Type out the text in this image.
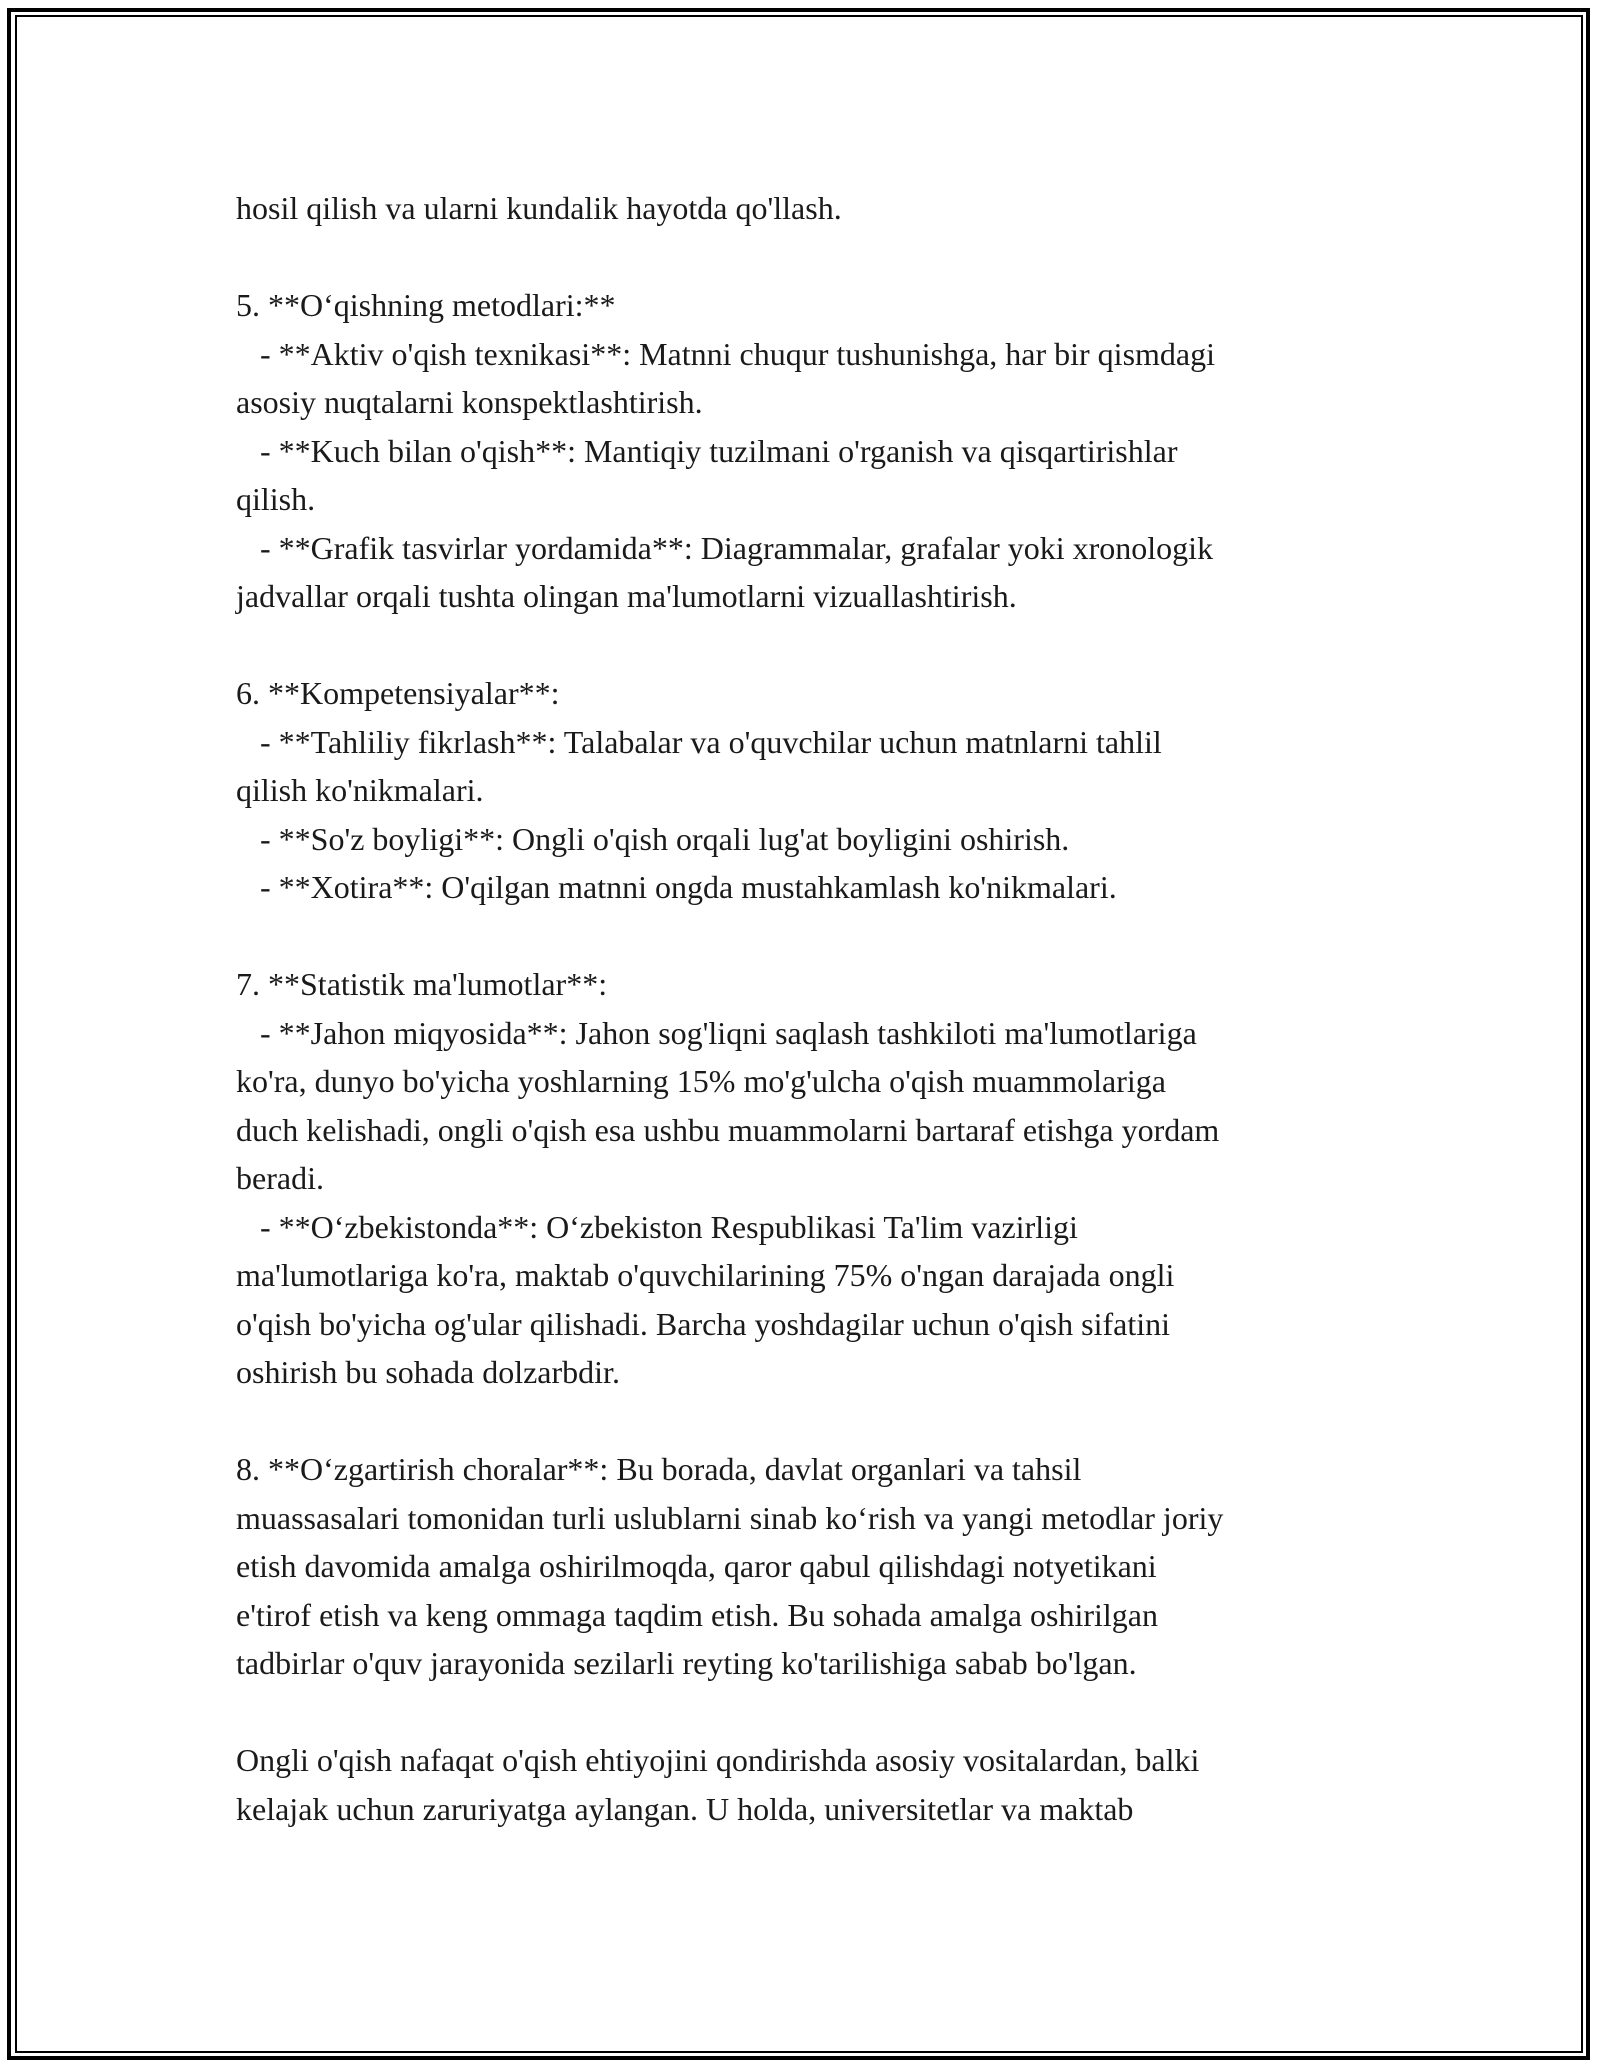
hosil qilish va ularni kundalik hayotda qo'llash.
5. **O‘qishning metodlari:**
- **Aktiv o'qish texnikasi**: Matnni chuqur tushunishga, har bir qismdagi
asosiy nuqtalarni konspektlashtirish.
- **Kuch bilan o'qish**: Mantiqiy tuzilmani o'rganish va qisqartirishlar
qilish.
- **Grafik tasvirlar yordamida**: Diagrammalar, grafalar yoki xronologik
jadvallar orqali tushta olingan ma'lumotlarni vizuallashtirish.
6. **Kompetensiyalar**:
- **Tahliliy fikrlash**: Talabalar va o'quvchilar uchun matnlarni tahlil
qilish ko'nikmalari.
- **So'z boyligi**: Ongli o'qish orqali lug'at boyligini oshirish.
- **Xotira**: O'qilgan matnni ongda mustahkamlash ko'nikmalari.
7. **Statistik ma'lumotlar**:
- **Jahon miqyosida**: Jahon sog'liqni saqlash tashkiloti ma'lumotlariga
ko'ra, dunyo bo'yicha yoshlarning 15% mo'g'ulcha o'qish muammolariga
duch kelishadi, ongli o'qish esa ushbu muammolarni bartaraf etishga yordam
beradi.
- **O‘zbekistonda**: O‘zbekiston Respublikasi Ta'lim vazirligi
ma'lumotlariga ko'ra, maktab o'quvchilarining 75% o'ngan darajada ongli
o'qish bo'yicha og'ular qilishadi. Barcha yoshdagilar uchun o'qish sifatini
oshirish bu sohada dolzarbdir.
8. **O‘zgartirish choralar**: Bu borada, davlat organlari va tahsil
muassasalari tomonidan turli uslublarni sinab ko‘rish va yangi metodlar joriy
etish davomida amalga oshirilmoqda, qaror qabul qilishdagi notyetikani
e'tirof etish va keng ommaga taqdim etish. Bu sohada amalga oshirilgan
tadbirlar o'quv jarayonida sezilarli reyting ko'tarilishiga sabab bo'lgan.
Ongli o'qish nafaqat o'qish ehtiyojini qondirishda asosiy vositalardan, balki
kelajak uchun zaruriyatga aylangan. U holda, universitetlar va maktab
